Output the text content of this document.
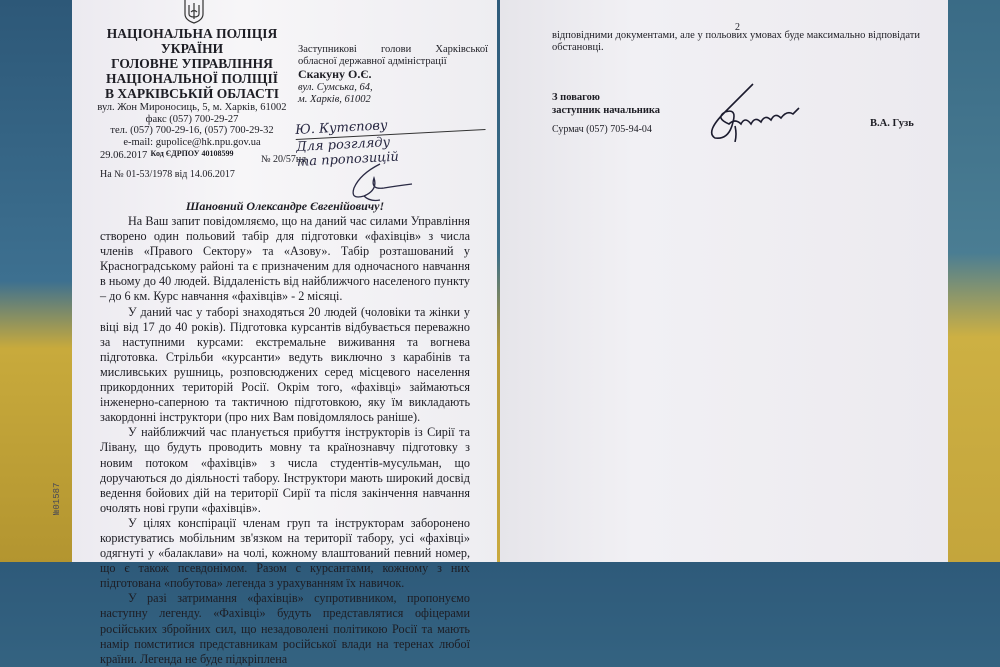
НАЦІОНАЛЬНА ПОЛІЦІЯ
УКРАЇНИ
ГОЛОВНЕ УПРАВЛІННЯ
НАЦІОНАЛЬНОЇ ПОЛІЦІЇ
В ХАРКІВСЬКІЙ ОБЛАСТІ
вул. Жон Мироносиць, 5, м. Харків, 61002
факс (057) 700-29-27
тел. (057) 700-29-16, (057) 700-29-32
e-mail: gupolice@hk.npu.gov.ua
Код ЄДРПОУ 40108599
29.06.2017	№ 20/57нд
На № 01-53/1978 від 14.06.2017
Заступникові голови Харківської
обласної державної адміністрації
Скакуну О.Є.
вул. Сумська, 64,
м. Харків, 61002
Ю. Кутєпову
Для розгляду
та пропозицій
Шановний Олександре Євгенійовичу!

На Ваш запит повідомляємо, що на даний час силами Управління створено один польовий табір для підготовки «фахівців» з числа членів «Правого Сектору» та «Азову». Табір розташований у Красноградському районі та є призначеним для одночасного навчання в ньому до 40 людей. Віддаленість від найближчого населеного пункту – до 6 км. Курс навчання «фахівців» - 2 місяці.

У даний час у таборі знаходяться 20 людей (чоловіки та жінки у віці від 17 до 40 років). Підготовка курсантів відбувається переважно за наступними курсами: екстремальне виживання та вогнева підготовка. Стрільби «курсанти» ведуть виключно з карабінів та мисливських рушниць, розповсюджених серед місцевого населення прикордонних територій Росії. Окрім того, «фахівці» займаються інженерно-саперною та тактичною підготовкою, яку їм викладають закордонні інструктори (про них Вам повідомлялось раніше).

У найближчий час планується прибуття інструкторів із Сирії та Лівану, що будуть проводить мовну та країнознавчу підготовку з новим потоком «фахівців» з числа студентів-мусульман, що доручаються до діяльності табору. Інструктори мають широкий досвід ведення бойових дій на території Сирії та після закінчення навчання очолять нові групи «фахівців».

У цілях конспірації членам груп та інструкторам заборонено користуватись мобільним зв'язком на території табору, усі «фахівці» одягнуті у «балаклави» на чолі, кожному влаштований певний номер, що є також псевдонімом. Разом с курсантами, кожному з них підготована «побутова» легенда з урахуванням їх навичок.

У разі затримання «фахівців» супротивником, пропонуємо наступну легенду. «Фахівці» будуть представлятися офіцерами російських збройних сил, що незадоволені політикою Росії та мають намір помститися представникам російської влади на теренах любої країни. Легенда не буде підкріплена

№01587
2

відповідними документами, але у польових умовах буде максимально відповідати обстановці.

З повагою
заступник начальника
Сурмач (057) 705-94-04
В.А. Гузь
